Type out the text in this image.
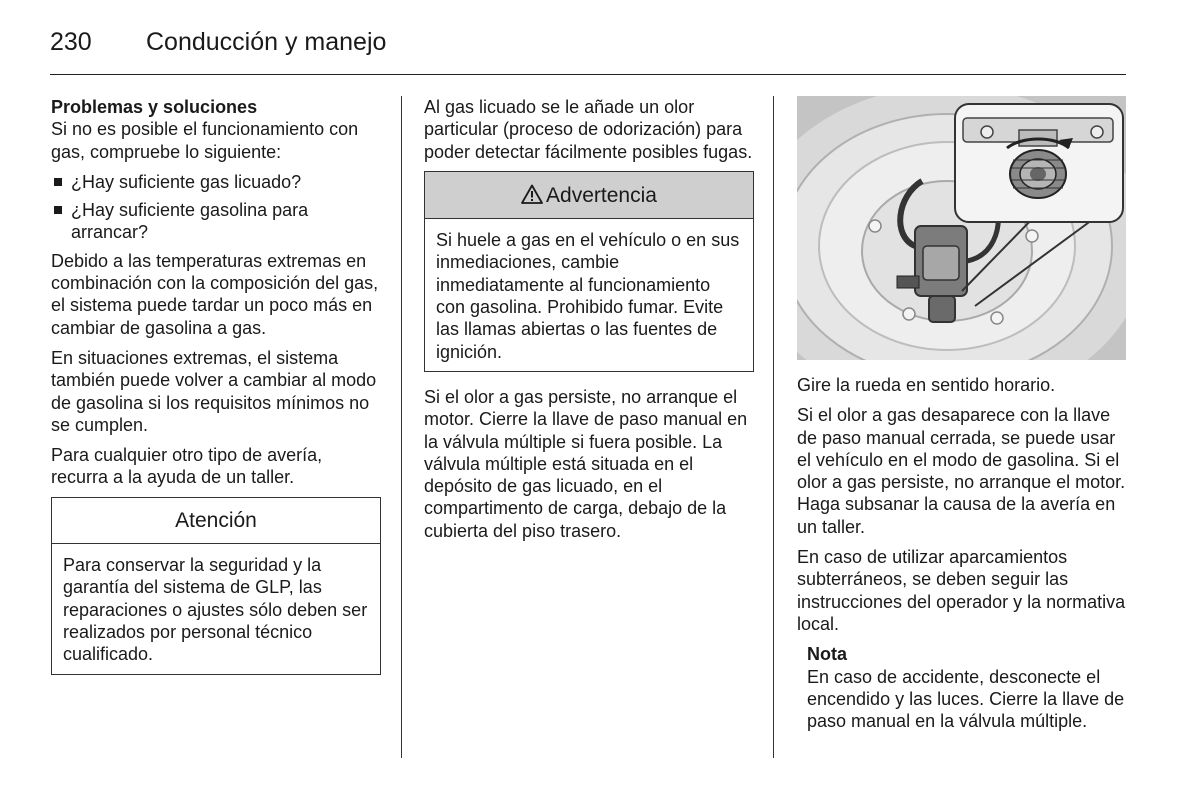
230 Conducción y manejo

Problemas y soluciones

Si no es posible el funcionamiento con gas, compruebe lo siguiente:

¿Hay suficiente gas licuado?
¿Hay suficiente gasolina para arrancar?

Debido a las temperaturas extremas en combinación con la composición del gas, el sistema puede tardar un poco más en cambiar de gasolina a gas.

En situaciones extremas, el sistema también puede volver a cambiar al modo de gasolina si los requisitos mínimos no se cumplen.

Para cualquier otro tipo de avería, recurra a la ayuda de un taller.

Atención
Para conservar la seguridad y la garantía del sistema de GLP, las reparaciones o ajustes sólo deben ser realizados por personal técnico cualificado.

Al gas licuado se le añade un olor particular (proceso de odorización) para poder detectar fácilmente posibles fugas.

Advertencia
Si huele a gas en el vehículo o en sus inmediaciones, cambie inmediatamente al funcionamiento con gasolina. Prohibido fumar. Evite las llamas abiertas o las fuentes de ignición.

Si el olor a gas persiste, no arranque el motor. Cierre la llave de paso manual en la válvula múltiple si fuera posible. La válvula múltiple está situada en el depósito de gas licuado, en el compartimento de carga, debajo de la cubierta del piso trasero.

Gire la rueda en sentido horario.

Si el olor a gas desaparece con la llave de paso manual cerrada, se puede usar el vehículo en el modo de gasolina. Si el olor a gas persiste, no arranque el motor. Haga subsanar la causa de la avería en un taller.

En caso de utilizar aparcamientos subterráneos, se deben seguir las instrucciones del operador y la normativa local.

Nota
En caso de accidente, desconecte el encendido y las luces. Cierre la llave de paso manual en la válvula múltiple.
